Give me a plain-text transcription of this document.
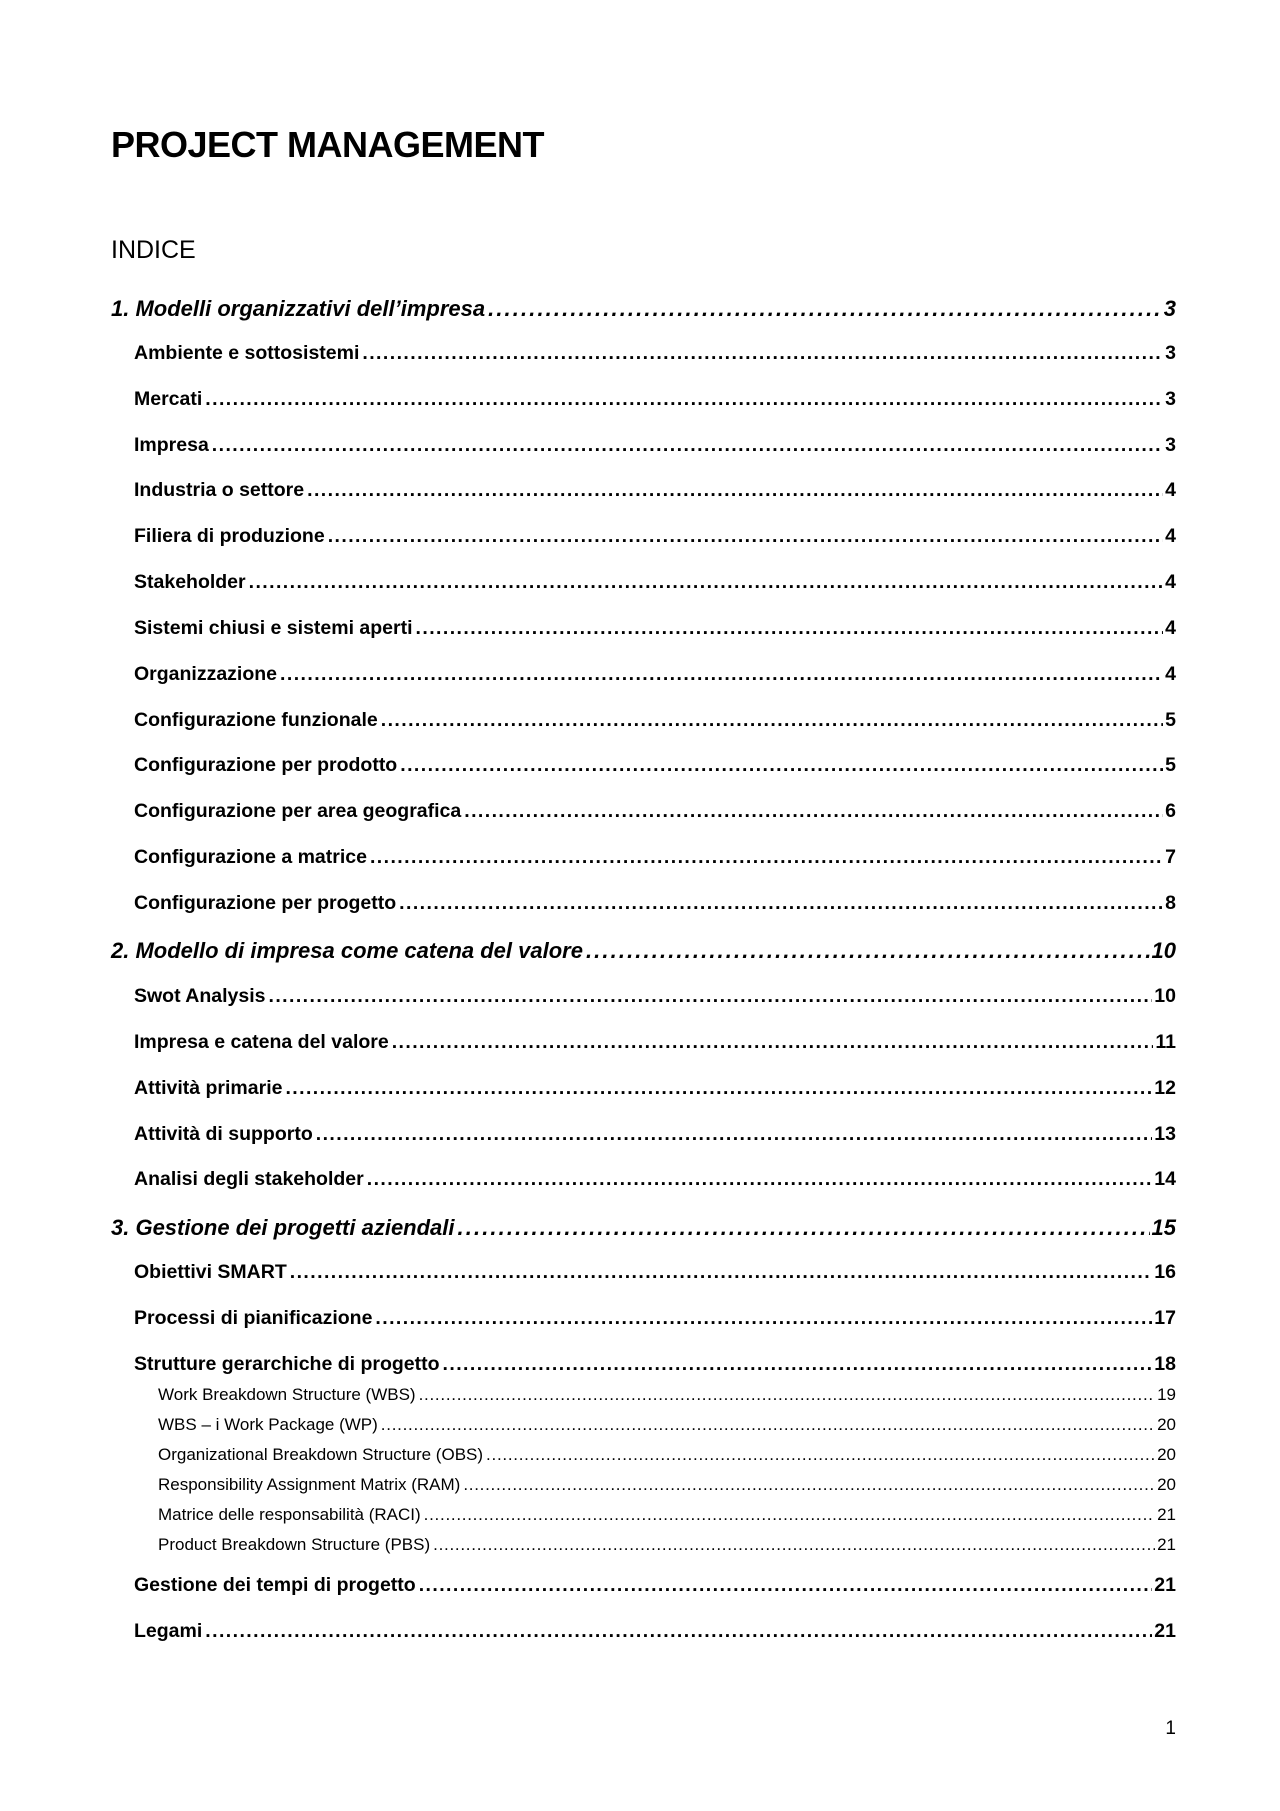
PROJECT MANAGEMENT
INDICE
1. Modelli organizzativi dell’impresa . . .	3
Ambiente e sottosistemi . . .	3
Mercati . . .	3
Impresa . . .	3
Industria o settore . . .	4
Filiera di produzione . . .	4
Stakeholder . . .	4
Sistemi chiusi e sistemi aperti . . .	4
Organizzazione . . .	4
Configurazione funzionale . . .	5
Configurazione per prodotto . . .	5
Configurazione per area geografica . . .	6
Configurazione a matrice . . .	7
Configurazione per progetto . . .	8
2. Modello di impresa come catena del valore . . .	10
Swot Analysis . . .	10
Impresa e catena del valore . . .	11
Attività primarie . . .	12
Attività di supporto . . .	13
Analisi degli stakeholder . . .	14
3. Gestione dei progetti aziendali . . .	15
Obiettivi SMART . . .	16
Processi di pianificazione . . .	17
Strutture gerarchiche di progetto . . .	18
Work Breakdown Structure (WBS) . . .	19
WBS – i Work Package (WP) . . .	20
Organizational Breakdown Structure (OBS) . . .	20
Responsibility Assignment Matrix (RAM) . . .	20
Matrice delle responsabilità (RACI) . . .	21
Product Breakdown Structure (PBS) . . .	21
Gestione dei tempi di progetto . . .	21
Legami . . .	21
1
